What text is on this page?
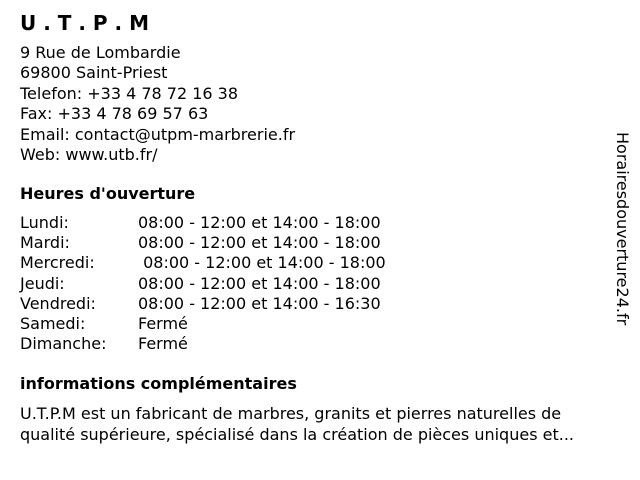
U . T . P . M
9 Rue de Lombardie
69800 Saint-Priest
Telefon: +33 4 78 72 16 38
Fax: +33 4 78 69 57 63
Email: contact@utpm-marbrerie.fr
Web: www.utb.fr/
Heures d'ouverture
Lundi:	08:00 - 12:00 et 14:00 - 18:00
Mardi:	08:00 - 12:00 et 14:00 - 18:00
Mercredi:	08:00 - 12:00 et 14:00 - 18:00
Jeudi:	08:00 - 12:00 et 14:00 - 18:00
Vendredi:	08:00 - 12:00 et 14:00 - 16:30
Samedi:	Fermé
Dimanche: Fermé
informations complémentaires
U.T.P.M est un fabricant de marbres, granits et pierres naturelles de
qualité supérieure, spécialisé dans la création de pièces uniques et...
Horairesdouverture24.fr
